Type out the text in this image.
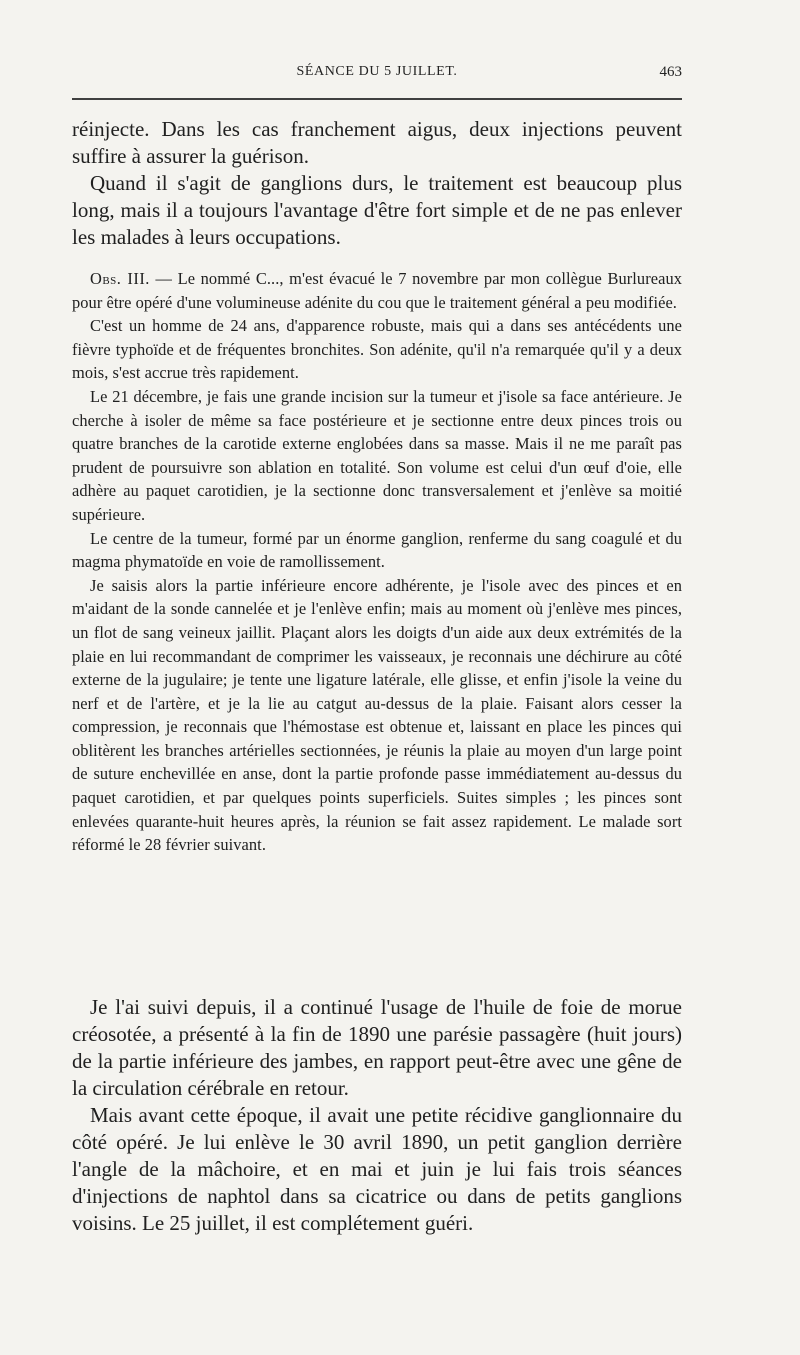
SÉANCE DU 5 JUILLET.	463

réinjecte. Dans les cas franchement aigus, deux injections peuvent suffire à assurer la guérison.

Quand il s'agit de ganglions durs, le traitement est beaucoup plus long, mais il a toujours l'avantage d'être fort simple et de ne pas enlever les malades à leurs occupations.

Obs. III. — Le nommé C..., m'est évacué le 7 novembre par mon collègue Burlureaux pour être opéré d'une volumineuse adénite du cou que le traitement général a peu modifiée.

C'est un homme de 24 ans, d'apparence robuste, mais qui a dans ses antécédents une fièvre typhoïde et de fréquentes bronchites. Son adénite, qu'il n'a remarquée qu'il y a deux mois, s'est accrue très rapidement.

Le 21 décembre, je fais une grande incision sur la tumeur et j'isole sa face antérieure. Je cherche à isoler de même sa face postérieure et je sectionne entre deux pinces trois ou quatre branches de la carotide externe englobées dans sa masse. Mais il ne me paraît pas prudent de poursuivre son ablation en totalité. Son volume est celui d'un œuf d'oie, elle adhère au paquet carotidien, je la sectionne donc transversalement et j'enlève sa moitié supérieure.

Le centre de la tumeur, formé par un énorme ganglion, renferme du sang coagulé et du magma phymatoïde en voie de ramollissement.

Je saisis alors la partie inférieure encore adhérente, je l'isole avec des pinces et en m'aidant de la sonde cannelée et je l'enlève enfin; mais au moment où j'enlève mes pinces, un flot de sang veineux jaillit. Plaçant alors les doigts d'un aide aux deux extrémités de la plaie en lui recommandant de comprimer les vaisseaux, je reconnais une déchirure au côté externe de la jugulaire; je tente une ligature latérale, elle glisse, et enfin j'isole la veine du nerf et de l'artère, et je la lie au catgut au-dessus de la plaie. Faisant alors cesser la compression, je reconnais que l'hémostase est obtenue et, laissant en place les pinces qui oblitèrent les branches artérielles sectionnées, je réunis la plaie au moyen d'un large point de suture enchevillée en anse, dont la partie profonde passe immédiatement au-dessus du paquet carotidien, et par quelques points superficiels. Suites simples ; les pinces sont enlevées quarante-huit heures après, la réunion se fait assez rapidement. Le malade sort réformé le 28 février suivant.

Je l'ai suivi depuis, il a continué l'usage de l'huile de foie de morue créosotée, a présenté à la fin de 1890 une parésie passagère (huit jours) de la partie inférieure des jambes, en rapport peut-être avec une gêne de la circulation cérébrale en retour.

Mais avant cette époque, il avait une petite récidive ganglionnaire du côté opéré. Je lui enlève le 30 avril 1890, un petit ganglion derrière l'angle de la mâchoire, et en mai et juin je lui fais trois séances d'injections de naphtol dans sa cicatrice ou dans de petits ganglions voisins. Le 25 juillet, il est complétement guéri.
